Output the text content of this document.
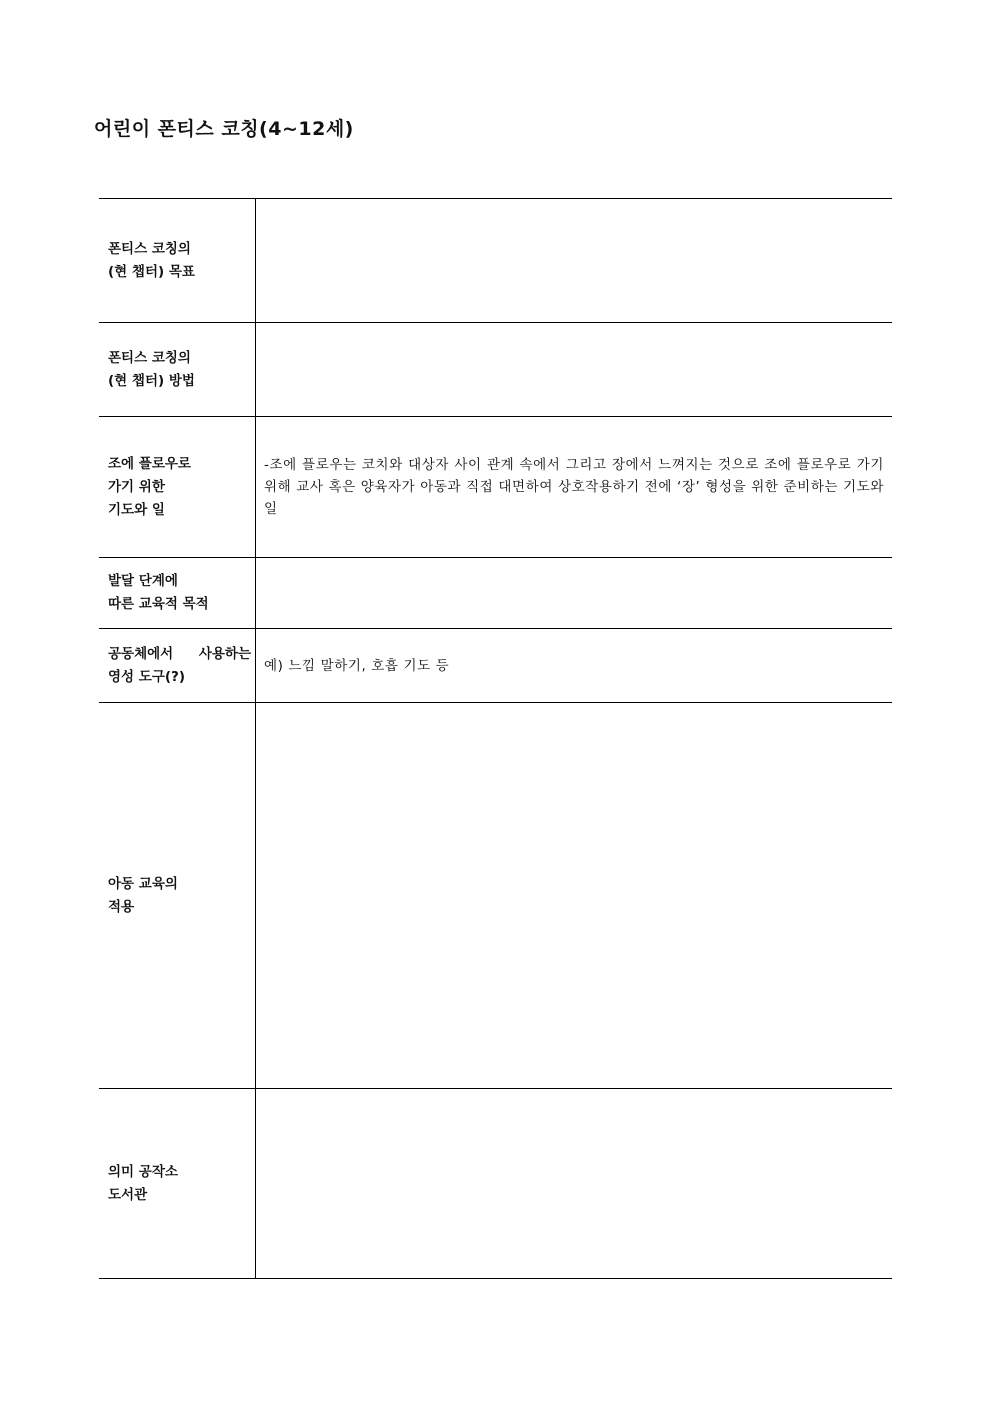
어린이 폰티스 코칭(4~12세)
폰티스 코칭의
(현 챕터) 목표	

폰티스 코칭의
(현 챕터) 방법	

조에 플로우로
가기 위한
기도와 일	-조에 플로우는 코치와 대상자 사이 관계 속에서 그리고 장에서 느껴지는 것으로 조에 플로우로 가기 위해 교사 혹은 양육자가 아동과 직접 대면하여 상호작용하기 전에 ‘장’ 형성을 위한 준비하는 기도와 일

발달 단계에
따른 교육적 목적	

공동체에서 사용하는
영성 도구(?)	예) 느낌 말하기, 호흡 기도 등

아동 교육의
적용	

의미 공작소
도서관	
